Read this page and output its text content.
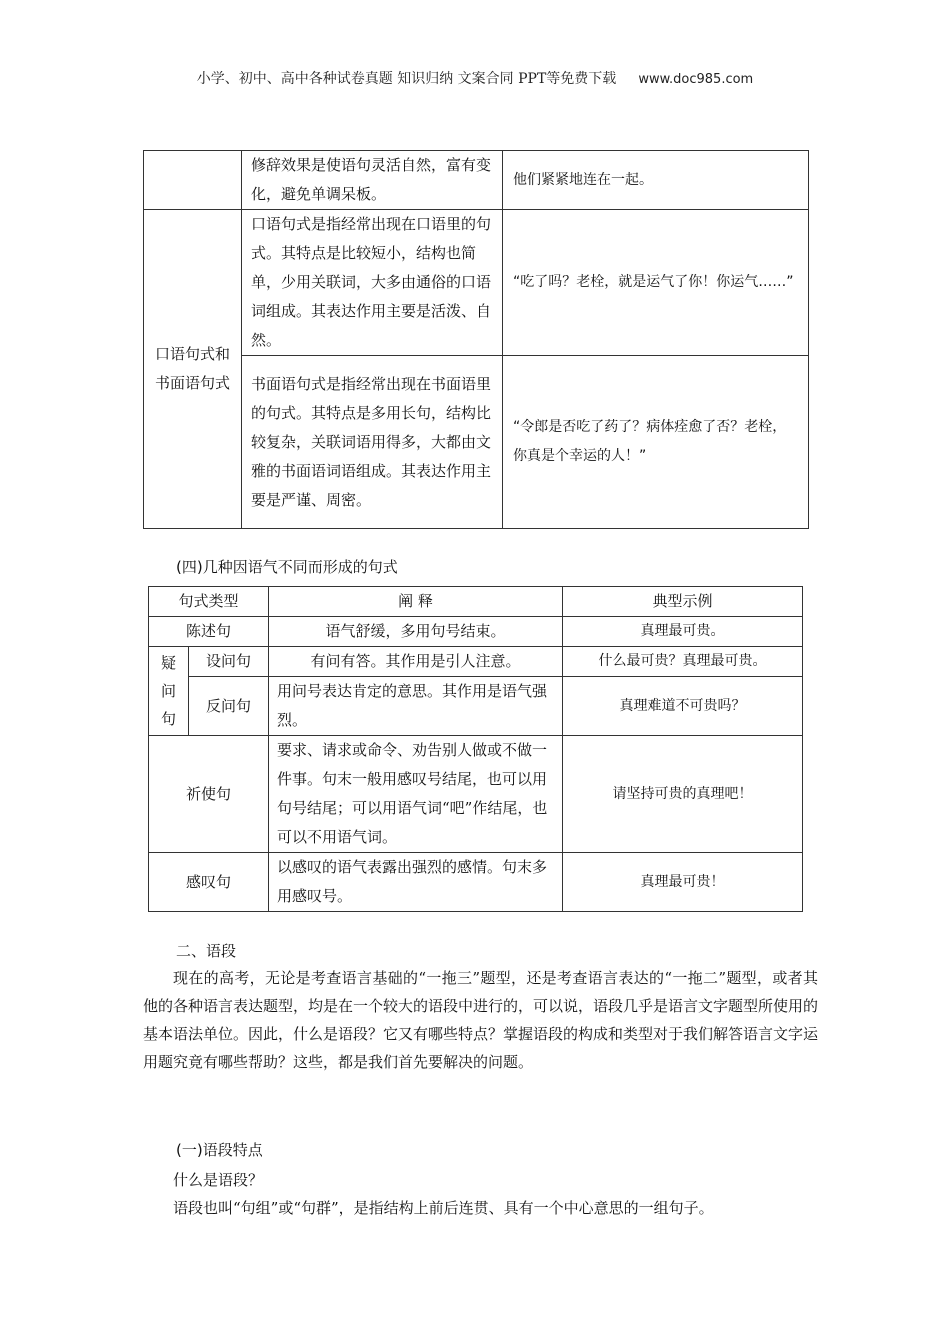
小学、初中、高中各种试卷真题 知识归纳 文案合同 PPT等免费下载 www.doc985.com
	修辞效果是使语句灵活自然，富有变化，避免单调呆板。	他们紧紧地连在一起。
口语句式和书面语句式	口语句式是指经常出现在口语里的句式。其特点是比较短小，结构也简单，少用关联词，大多由通俗的口语词组成。其表达作用主要是活泼、自然。	“吃了吗？老栓，就是运气了你！你运气……”
	书面语句式是指经常出现在书面语里的句式。其特点是多用长句，结构比较复杂，关联词语用得多，大都由文雅的书面语词语组成。其表达作用主要是严谨、周密。	“令郎是否吃了药了？病体痊愈了否？老栓，你真是个幸运的人！”
(四)几种因语气不同而形成的句式
句式类型		阐 释	典型示例
陈述句		语气舒缓，多用句号结束。	真理最可贵。
疑问句	设问句	有问有答。其作用是引人注意。	什么最可贵？真理最可贵。
	反问句	用问号表达肯定的意思。其作用是语气强烈。	真理难道不可贵吗？
祈使句		要求、请求或命令、劝告别人做或不做一件事。句末一般用感叹号结尾，也可以用句号结尾；可以用语气词“吧”作结尾，也可以不用语气词。	请坚持可贵的真理吧！
感叹句		以感叹的语气表露出强烈的感情。句末多用感叹号。	真理最可贵！
二、语段

现在的高考，无论是考查语言基础的“一拖三”题型，还是考查语言表达的“一拖二”题型，或者其他的各种语言表达题型，均是在一个较大的语段中进行的，可以说，语段几乎是语言文字题型所使用的基本语法单位。因此，什么是语段？它又有哪些特点？掌握语段的构成和类型对于我们解答语言文字运用题究竟有哪些帮助？这些，都是我们首先要解决的问题。

(一)语段特点

什么是语段？

语段也叫“句组”或“句群”，是指结构上前后连贯、具有一个中心意思的一组句子。
